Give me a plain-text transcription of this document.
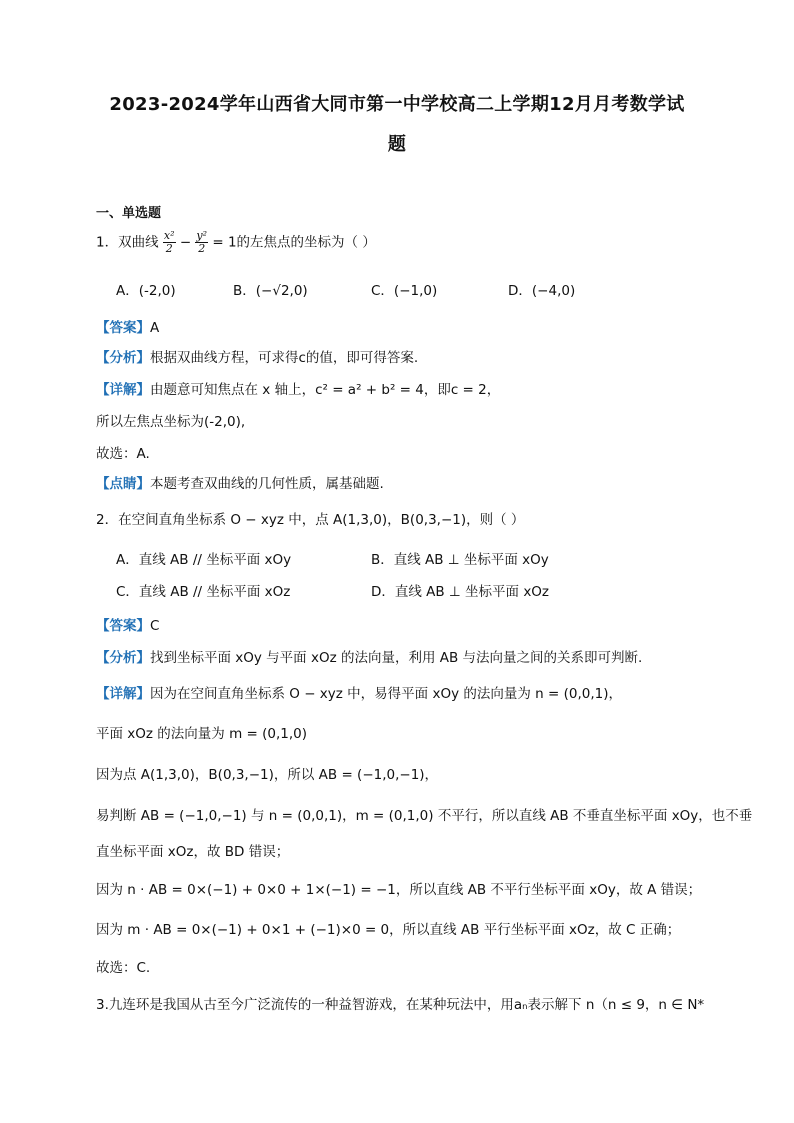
2023-2024学年山西省大同市第一中学校高二上学期12月月考数学试
题
一、单选题
1．双曲线 $\frac{\text{x²}}{2} - \frac{\text{y²}}{2} = 1$的左焦点的坐标为（ ）
A．(-2,0)	B．(−√2,0)	C．(−1,0)	D．(−4,0)
【答案】A
【分析】根据双曲线方程，可求得c的值，即可得答案.
【详解】由题意可知焦点在 x 轴上，c² = a² + b² = 4，即c = 2，
所以左焦点坐标为(-2,0),
故选：A.
【点睛】本题考查双曲线的几何性质，属基础题.
2．在空间直角坐标系 O − xyz 中，点 A(1,3,0)，B(0,3,−1)，则（ ）
A．直线 AB // 坐标平面 xOy	B．直线 AB ⊥ 坐标平面 xOy
C．直线 AB // 坐标平面 xOz	D．直线 AB ⊥ 坐标平面 xOz
【答案】C
【分析】找到坐标平面 xOy 与平面 xOz 的法向量，利用 AB 与法向量之间的关系即可判断.
【详解】因为在空间直角坐标系 O − xyz 中，易得平面 xOy 的法向量为 n = (0,0,1)，
平面 xOz 的法向量为 m = (0,1,0)
因为点 A(1,3,0)，B(0,3,−1)，所以 AB = (−1,0,−1)，
易判断 AB = (−1,0,−1) 与 n = (0,0,1)，m = (0,1,0) 不平行，所以直线 AB 不垂直坐标平面 xOy，也不垂
直坐标平面 xOz，故 BD 错误；
因为 n · AB = 0×(−1) + 0×0 + 1×(−1) = −1，所以直线 AB 不平行坐标平面 xOy，故 A 错误；
因为 m · AB = 0×(−1) + 0×1 + (−1)×0 = 0，所以直线 AB 平行坐标平面 xOz，故 C 正确；
故选：C.
3.九连环是我国从古至今广泛流传的一种益智游戏，在某种玩法中，用aₙ表示解下 n（n ≤ 9，n ∈ N*
